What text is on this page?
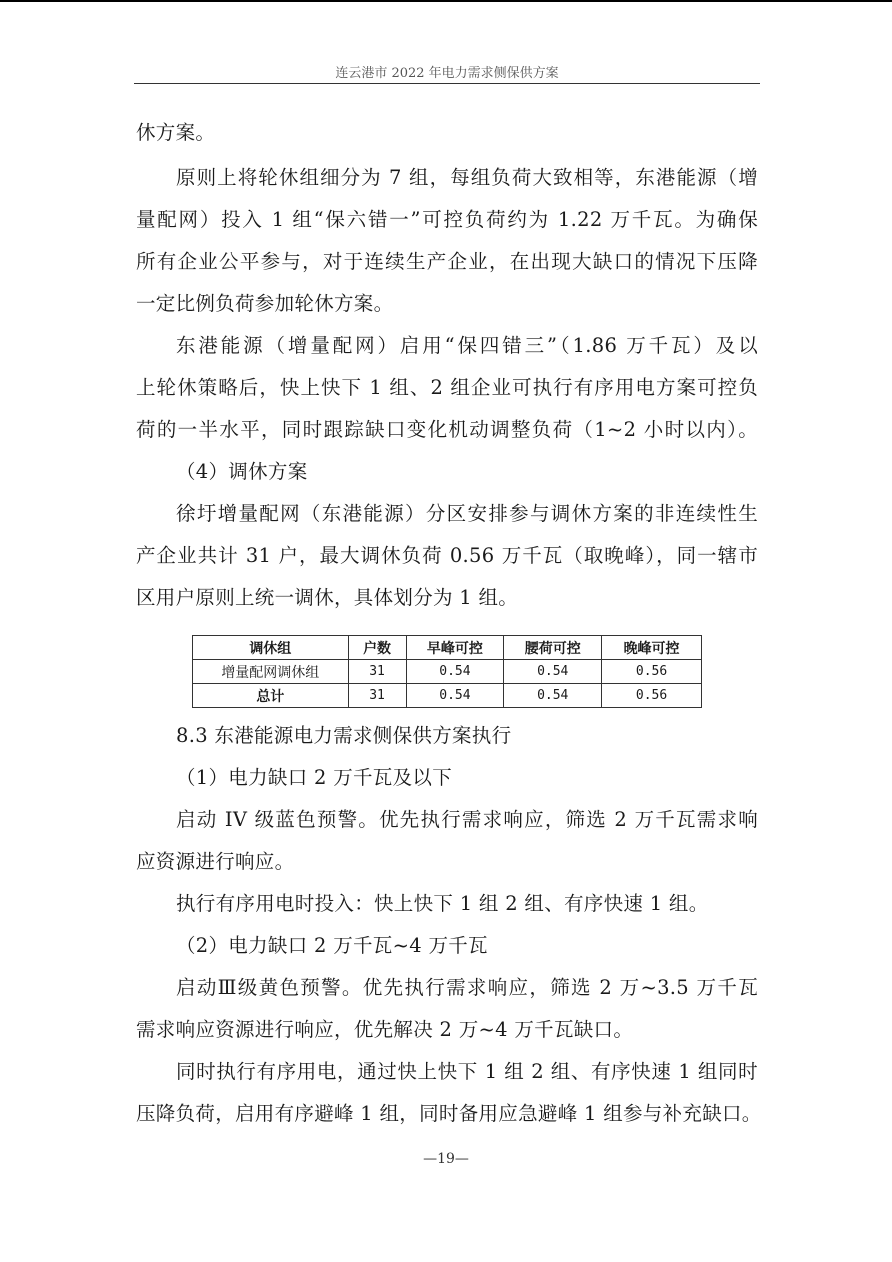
连云港市 2022 年电力需求侧保供方案
休方案。
原则上将轮休组细分为 7 组，每组负荷大致相等，东港能源（增
量配网）投入 1 组“保六错一”可控负荷约为 1.22 万千瓦。为确保
所有企业公平参与，对于连续生产企业，在出现大缺口的情况下压降
一定比例负荷参加轮休方案。
东港能源（增量配网）启用“保四错三”（1.86 万千瓦）及以
上轮休策略后，快上快下 1 组、2 组企业可执行有序用电方案可控负
荷的一半水平，同时跟踪缺口变化机动调整负荷（1~2 小时以内）。
（4）调休方案
徐圩增量配网（东港能源）分区安排参与调休方案的非连续性生
产企业共计 31 户，最大调休负荷 0.56 万千瓦（取晚峰），同一辖市
区用户原则上统一调休，具体划分为 1 组。
调休组	户数	早峰可控	腰荷可控	晚峰可控
增量配网调休组	31	0.54	0.54	0.56
总计	31	0.54	0.54	0.56
8.3 东港能源电力需求侧保供方案执行
（1）电力缺口 2 万千瓦及以下
启动 IV 级蓝色预警。优先执行需求响应，筛选 2 万千瓦需求响
应资源进行响应。
执行有序用电时投入：快上快下 1 组 2 组、有序快速 1 组。
（2）电力缺口 2 万千瓦~4 万千瓦
启动Ⅲ级黄色预警。优先执行需求响应，筛选 2 万~3.5 万千瓦
需求响应资源进行响应，优先解决 2 万~4 万千瓦缺口。
同时执行有序用电，通过快上快下 1 组 2 组、有序快速 1 组同时
压降负荷，启用有序避峰 1 组，同时备用应急避峰 1 组参与补充缺口。
—19—
